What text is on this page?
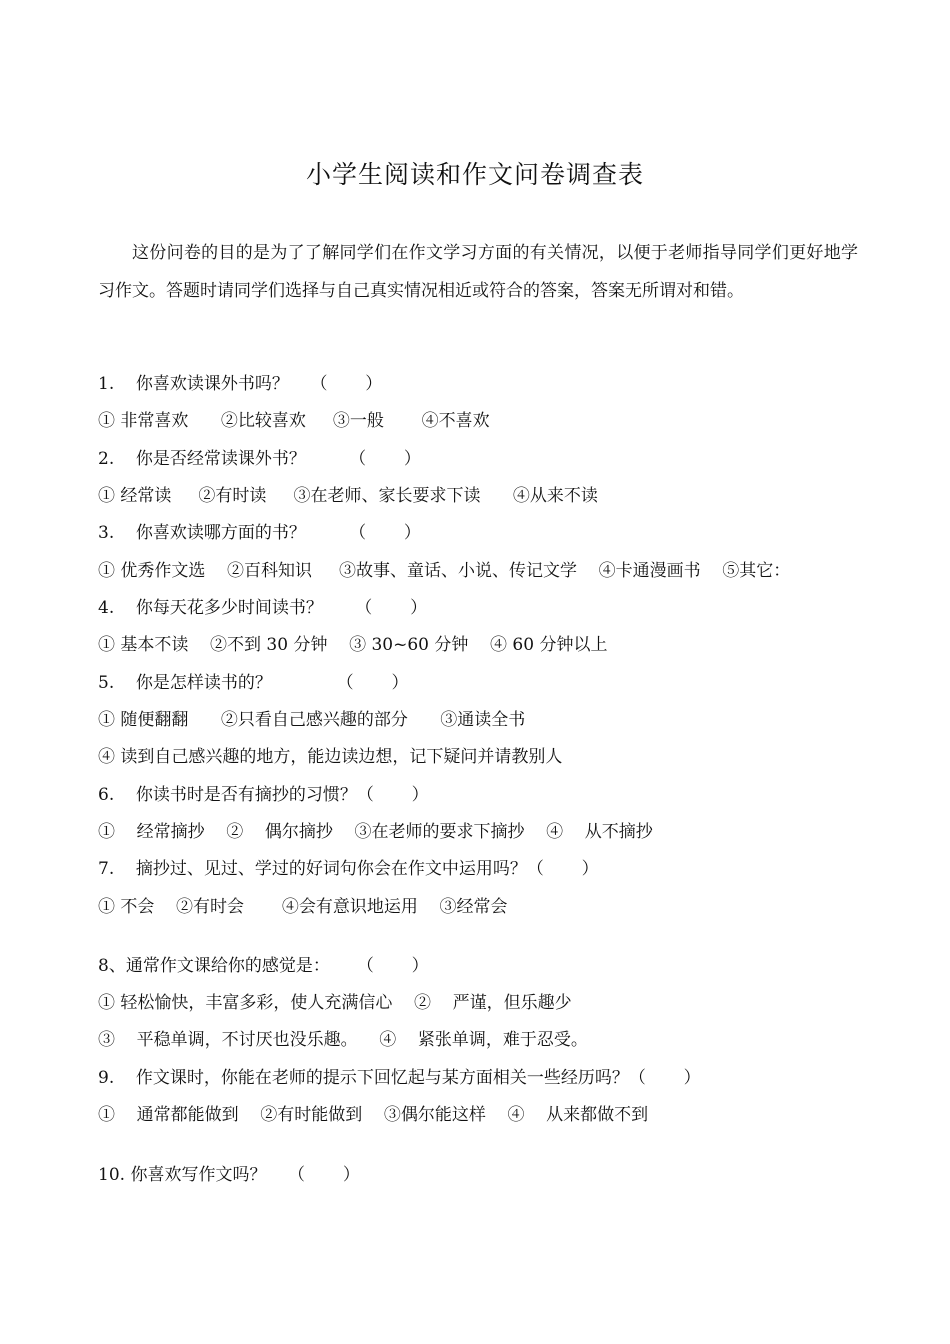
小学生阅读和作文问卷调查表
这份问卷的目的是为了了解同学们在作文学习方面的有关情况，以便于老师指导同学们更好地学习作文。答题时请同学们选择与自己真实情况相近或符合的答案，答案无所谓对和错。
1.    你喜欢读课外书吗？    （       ）
① 非常喜欢      ②比较喜欢     ③一般       ④不喜欢
2.    你是否经常读课外书？        （       ）
① 经常读     ②有时读     ③在老师、家长要求下读      ④从来不读
3.    你喜欢读哪方面的书？        （       ）
① 优秀作文选    ②百科知识     ③故事、童话、小说、传记文学    ④卡通漫画书    ⑤其它：
4.    你每天花多少时间读书？      （       ）
① 基本不读    ②不到 30 分钟    ③ 30~60 分钟    ④ 60 分钟以上
5.    你是怎样读书的？            （       ）
① 随便翻翻      ②只看自己感兴趣的部分      ③通读全书
④ 读到自己感兴趣的地方，能边读边想，记下疑问并请教别人
6.    你读书时是否有摘抄的习惯？（       ）
①    经常摘抄    ②    偶尔摘抄    ③在老师的要求下摘抄    ④    从不摘抄
7.    摘抄过、见过、学过的好词句你会在作文中运用吗？（       ）
① 不会    ②有时会       ④会有意识地运用    ③经常会
8、通常作文课给你的感觉是：     （       ）
① 轻松愉快，丰富多彩，使人充满信心    ②    严谨，但乐趣少
③    平稳单调，不讨厌也没乐趣。    ④    紧张单调，难于忍受。
9.    作文课时，你能在老师的提示下回忆起与某方面相关一些经历吗？（       ）
①    通常都能做到    ②有时能做到    ③偶尔能这样    ④    从来都做不到
10. 你喜欢写作文吗？    （       ）
